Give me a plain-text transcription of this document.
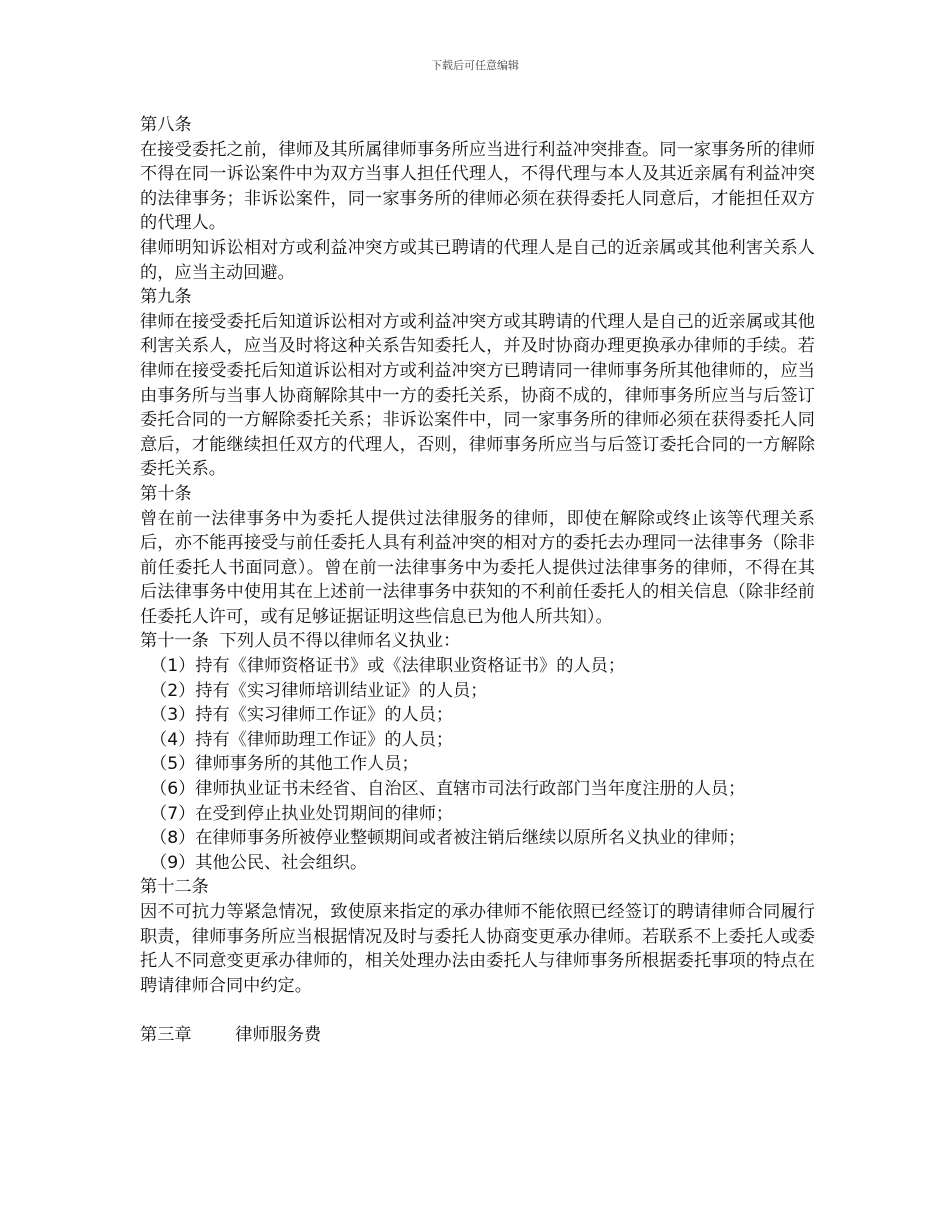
下载后可任意编辑

第八条

在接受委托之前，律师及其所属律师事务所应当进行利益冲突排查。同一家事务所的律师不得在同一诉讼案件中为双方当事人担任代理人，不得代理与本人及其近亲属有利益冲突的法律事务；非诉讼案件，同一家事务所的律师必须在获得委托人同意后，才能担任双方的代理人。

律师明知诉讼相对方或利益冲突方或其已聘请的代理人是自己的近亲属或其他利害关系人的，应当主动回避。

第九条

律师在接受委托后知道诉讼相对方或利益冲突方或其聘请的代理人是自己的近亲属或其他利害关系人，应当及时将这种关系告知委托人，并及时协商办理更换承办律师的手续。若律师在接受委托后知道诉讼相对方或利益冲突方已聘请同一律师事务所其他律师的，应当由事务所与当事人协商解除其中一方的委托关系，协商不成的，律师事务所应当与后签订委托合同的一方解除委托关系；非诉讼案件中，同一家事务所的律师必须在获得委托人同意后，才能继续担任双方的代理人，否则，律师事务所应当与后签订委托合同的一方解除委托关系。

第十条

曾在前一法律事务中为委托人提供过法律服务的律师，即使在解除或终止该等代理关系后，亦不能再接受与前任委托人具有利益冲突的相对方的委托去办理同一法律事务（除非前任委托人书面同意）。曾在前一法律事务中为委托人提供过法律事务的律师，不得在其后法律事务中使用其在上述前一法律事务中获知的不利前任委托人的相关信息（除非经前任委托人许可，或有足够证据证明这些信息已为他人所共知）。

第十一条  下列人员不得以律师名义执业：

（1）持有《律师资格证书》或《法律职业资格证书》的人员；

（2）持有《实习律师培训结业证》的人员；

（3）持有《实习律师工作证》的人员；

（4）持有《律师助理工作证》的人员；

（5）律师事务所的其他工作人员；

（6）律师执业证书未经省、自治区、直辖市司法行政部门当年度注册的人员；

（7）在受到停止执业处罚期间的律师；

（8）在律师事务所被停业整顿期间或者被注销后继续以原所名义执业的律师；

（9）其他公民、社会组织。

第十二条

因不可抗力等紧急情况，致使原来指定的承办律师不能依照已经签订的聘请律师合同履行职责，律师事务所应当根据情况及时与委托人协商变更承办律师。若联系不上委托人或委托人不同意变更承办律师的，相关处理办法由委托人与律师事务所根据委托事项的特点在聘请律师合同中约定。

第三章        律师服务费
